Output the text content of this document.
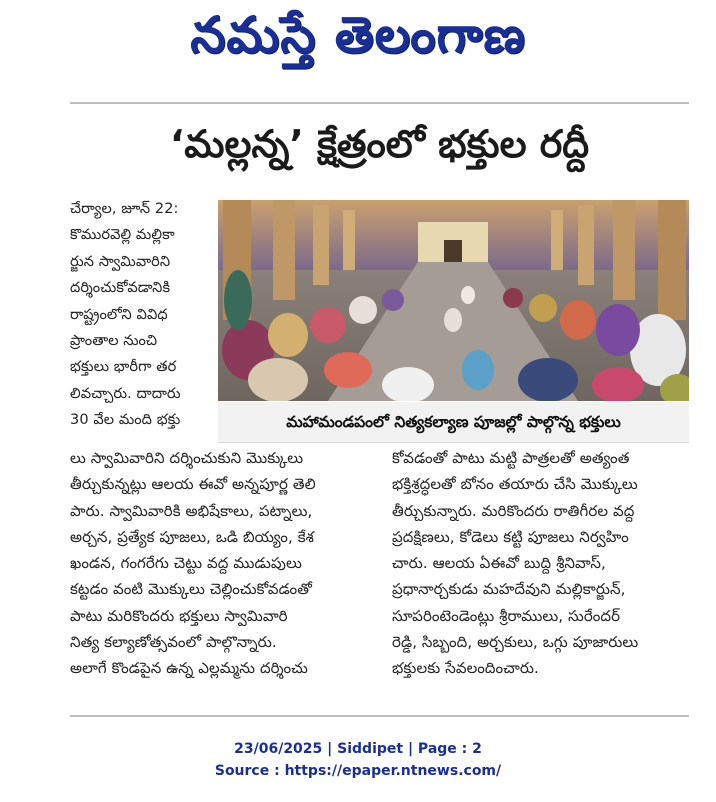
నమస్తే తెలంగాణ
‘మల్లన్న’ క్షేత్రంలో భక్తుల రద్దీ
చేర్యాల, జూన్ 22:
కొమురవెల్లి మల్లికా
ర్జున స్వామివారిని
దర్శించుకోవడానికి
రాష్ట్రంలోని వివిధ
ప్రాంతాల నుంచి
భక్తులు భారీగా తర
లివచ్చారు. దాదారు
30 వేల మంది భక్తు	మహామండపంలో నిత్యకల్యాణ పూజల్లో పాల్గొన్న భక్తులు
లు స్వామివారిని దర్శించుకుని మొక్కులు
తీర్చుకున్నట్లు ఆలయ ఈవో అన్నపూర్ణ తెలి
పారు. స్వామివారికి అభిషేకాలు, పట్నాలు,
అర్చన, ప్రత్యేక పూజలు, ఒడి బియ్యం, కేశ
ఖండన, గంగరేగు చెట్టు వద్ద ముడుపులు
కట్టడం వంటి మొక్కులు చెల్లించుకోవడంతో
పాటు మరికొందరు భక్తులు స్వామివారి
నిత్య కల్యాణోత్సవంలో పాల్గొన్నారు.
అలాగే కొండపైన ఉన్న ఎల్లమ్మను దర్శించు
కోవడంతో పాటు మట్టి పాత్రలతో అత్యంత
భక్తిశ్రద్ధలతో బోనం తయారు చేసి మొక్కులు
తీర్చుకున్నారు. మరికొందరు రాతిగీరల వద్ద
ప్రదక్షిణలు, కోడెలు కట్టి పూజలు నిర్వహిం
చారు. ఆలయ ఏఈవో బుద్ది శ్రీనివాస్,
ప్రధానార్చకుడు మహదేవుని మల్లికార్జున్,
సూపరింటెండెంట్లు శ్రీరాములు, సురేందర్
రెడ్డి, సిబ్బంది, అర్చకులు, ఒగ్గు పూజారులు
భక్తులకు సేవలందించారు.
23/06/2025 | Siddipet | Page : 2
Source : https://epaper.ntnews.com/
